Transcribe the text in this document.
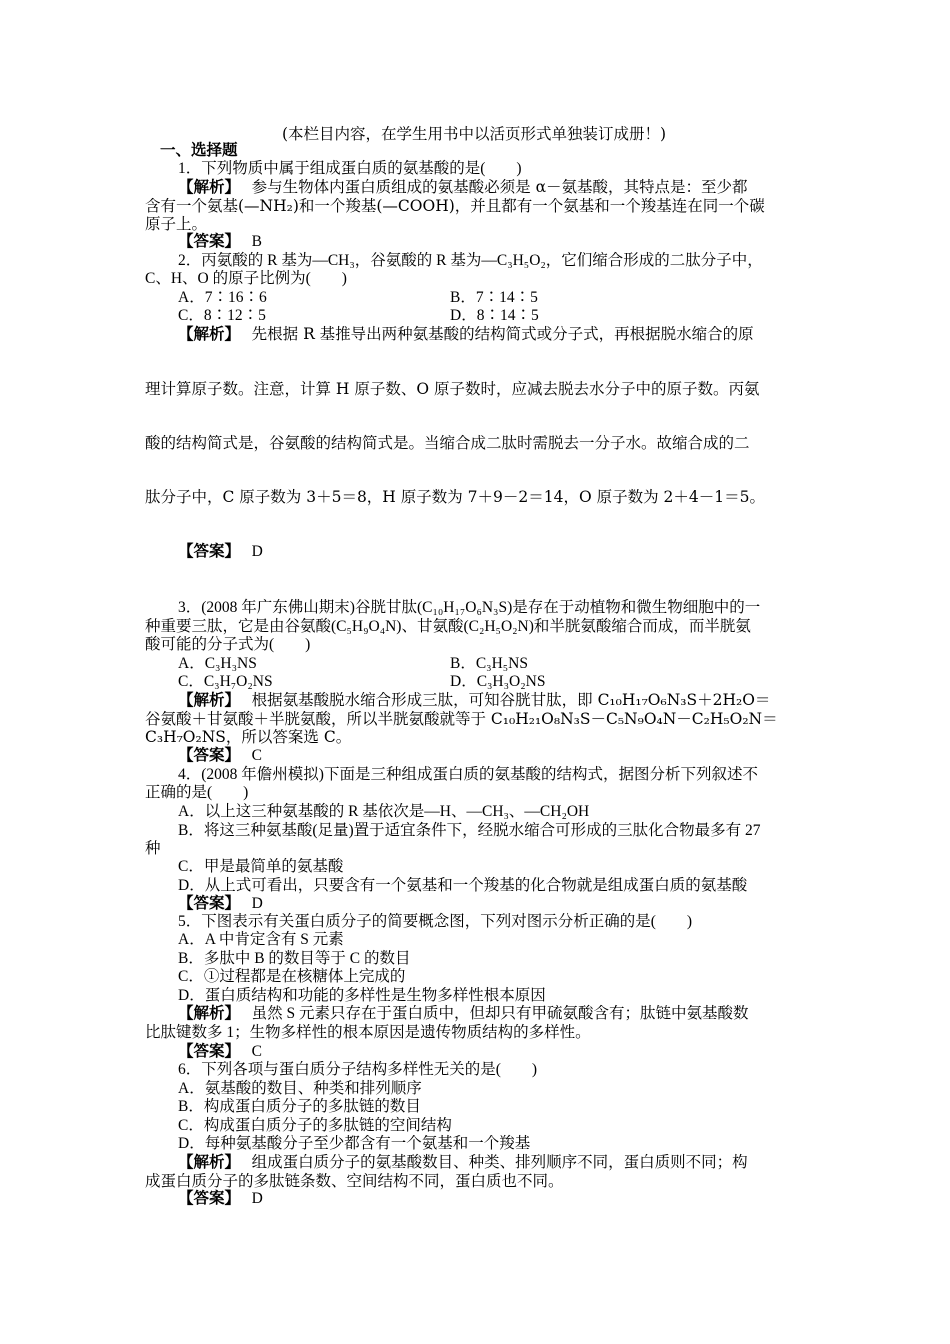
(本栏目内容，在学生用书中以活页形式单独装订成册！)
一、选择题
1．下列物质中属于组成蛋白质的氨基酸的是(　　)
【解析】 参与生物体内蛋白质组成的氨基酸必须是 α－氨基酸，其特点是：至少都
含有一个氨基(—NH₂)和一个羧基(—COOH)，并且都有一个氨基和一个羧基连在同一个碳
原子上。
【答案】 B
2．丙氨酸的 R 基为—CH₃，谷氨酸的 R 基为—C₃H₅O₂，它们缩合形成的二肽分子中，
C、H、O 的原子比例为(　　)
A．7∶16∶6	B．7∶14∶5
C．8∶12∶5	D．8∶14∶5
【解析】 先根据 R 基推导出两种氨基酸的结构简式或分子式，再根据脱水缩合的原
理计算原子数。注意，计算 H 原子数、O 原子数时，应减去脱去水分子中的原子数。丙氨
酸的结构简式是，谷氨酸的结构简式是。当缩合成二肽时需脱去一分子水。故缩合成的二
肽分子中，C 原子数为 3＋5＝8，H 原子数为 7＋9－2＝14，O 原子数为 2＋4－1＝5。
【答案】 D
3．(2008 年广东佛山期末)谷胱甘肽(C₁₀H₁₇O₆N₃S)是存在于动植物和微生物细胞中的一
种重要三肽，它是由谷氨酸(C₅H₉O₄N)、甘氨酸(C₂H₅O₂N)和半胱氨酸缩合而成，而半胱氨
酸可能的分子式为(　　)
A．C₃H₃NS	B．C₃H₅NS
C．C₃H₇O₂NS	D．C₃H₃O₂NS
【解析】 根据氨基酸脱水缩合形成三肽，可知谷胱甘肽，即 C₁₀H₁₇O₆N₃S＋2H₂O＝
谷氨酸＋甘氨酸＋半胱氨酸，所以半胱氨酸就等于 C₁₀H₂₁O₈N₃S－C₅N₉O₄N－C₂H₅O₂N＝
C₃H₇O₂NS，所以答案选 C。
【答案】 C
4．(2008 年儋州模拟)下面是三种组成蛋白质的氨基酸的结构式，据图分析下列叙述不
正确的是(　　)
A．以上这三种氨基酸的 R 基依次是—H、—CH₃、—CH₂OH
B．将这三种氨基酸(足量)置于适宜条件下，经脱水缩合可形成的三肽化合物最多有 27
种
C．甲是最简单的氨基酸
D．从上式可看出，只要含有一个氨基和一个羧基的化合物就是组成蛋白质的氨基酸
【答案】 D
5．下图表示有关蛋白质分子的简要概念图，下列对图示分析正确的是(　　)
A．A 中肯定含有 S 元素
B．多肽中 B 的数目等于 C 的数目
C．①过程都是在核糖体上完成的
D．蛋白质结构和功能的多样性是生物多样性根本原因
【解析】 虽然 S 元素只存在于蛋白质中，但却只有甲硫氨酸含有；肽链中氨基酸数
比肽键数多 1；生物多样性的根本原因是遗传物质结构的多样性。
【答案】 C
6．下列各项与蛋白质分子结构多样性无关的是(　　)
A．氨基酸的数目、种类和排列顺序
B．构成蛋白质分子的多肽链的数目
C．构成蛋白质分子的多肽链的空间结构
D．每种氨基酸分子至少都含有一个氨基和一个羧基
【解析】 组成蛋白质分子的氨基酸数目、种类、排列顺序不同，蛋白质则不同；构
成蛋白质分子的多肽链条数、空间结构不同，蛋白质也不同。
【答案】 D
